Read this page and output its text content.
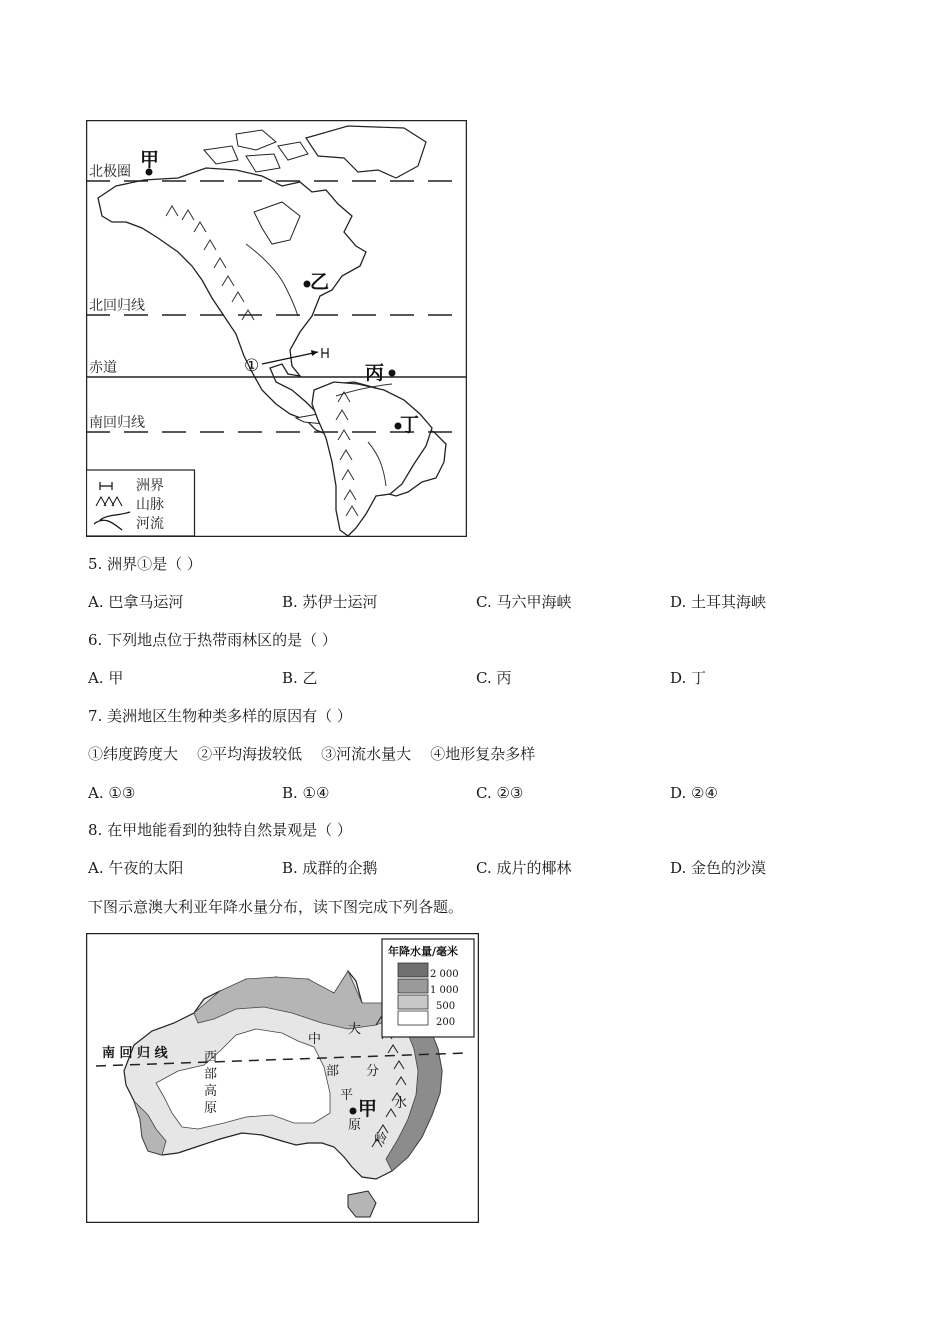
北极圈
北回归线
赤道
南回归线
甲
乙
丙
丁
①
洲界
山脉
河流
5. 洲界①是（ ）
A. 巴拿马运河	B. 苏伊士运河	C. 马六甲海峡	D. 土耳其海峡
6. 下列地点位于热带雨林区的是（ ）
A. 甲	B. 乙	C. 丙	D. 丁
7. 美洲地区生物种类多样的原因有（ ）
①纬度跨度大    ②平均海拔较低    ③河流水量大    ④地形复杂多样
A. ①③	B. ①④	C. ②③	D. ②④
8. 在甲地能看到的独特自然景观是（ ）
A. 午夜的太阳	B. 成群的企鹅	C. 成片的椰林	D. 金色的沙漠
下图示意澳大利亚年降水量分布，读下图完成下列各题。
南 回 归 线	西
部
高
原
中
部
平
原
大
分
水
岭
甲
年降水量/毫米
2 000
1 000
500
200
